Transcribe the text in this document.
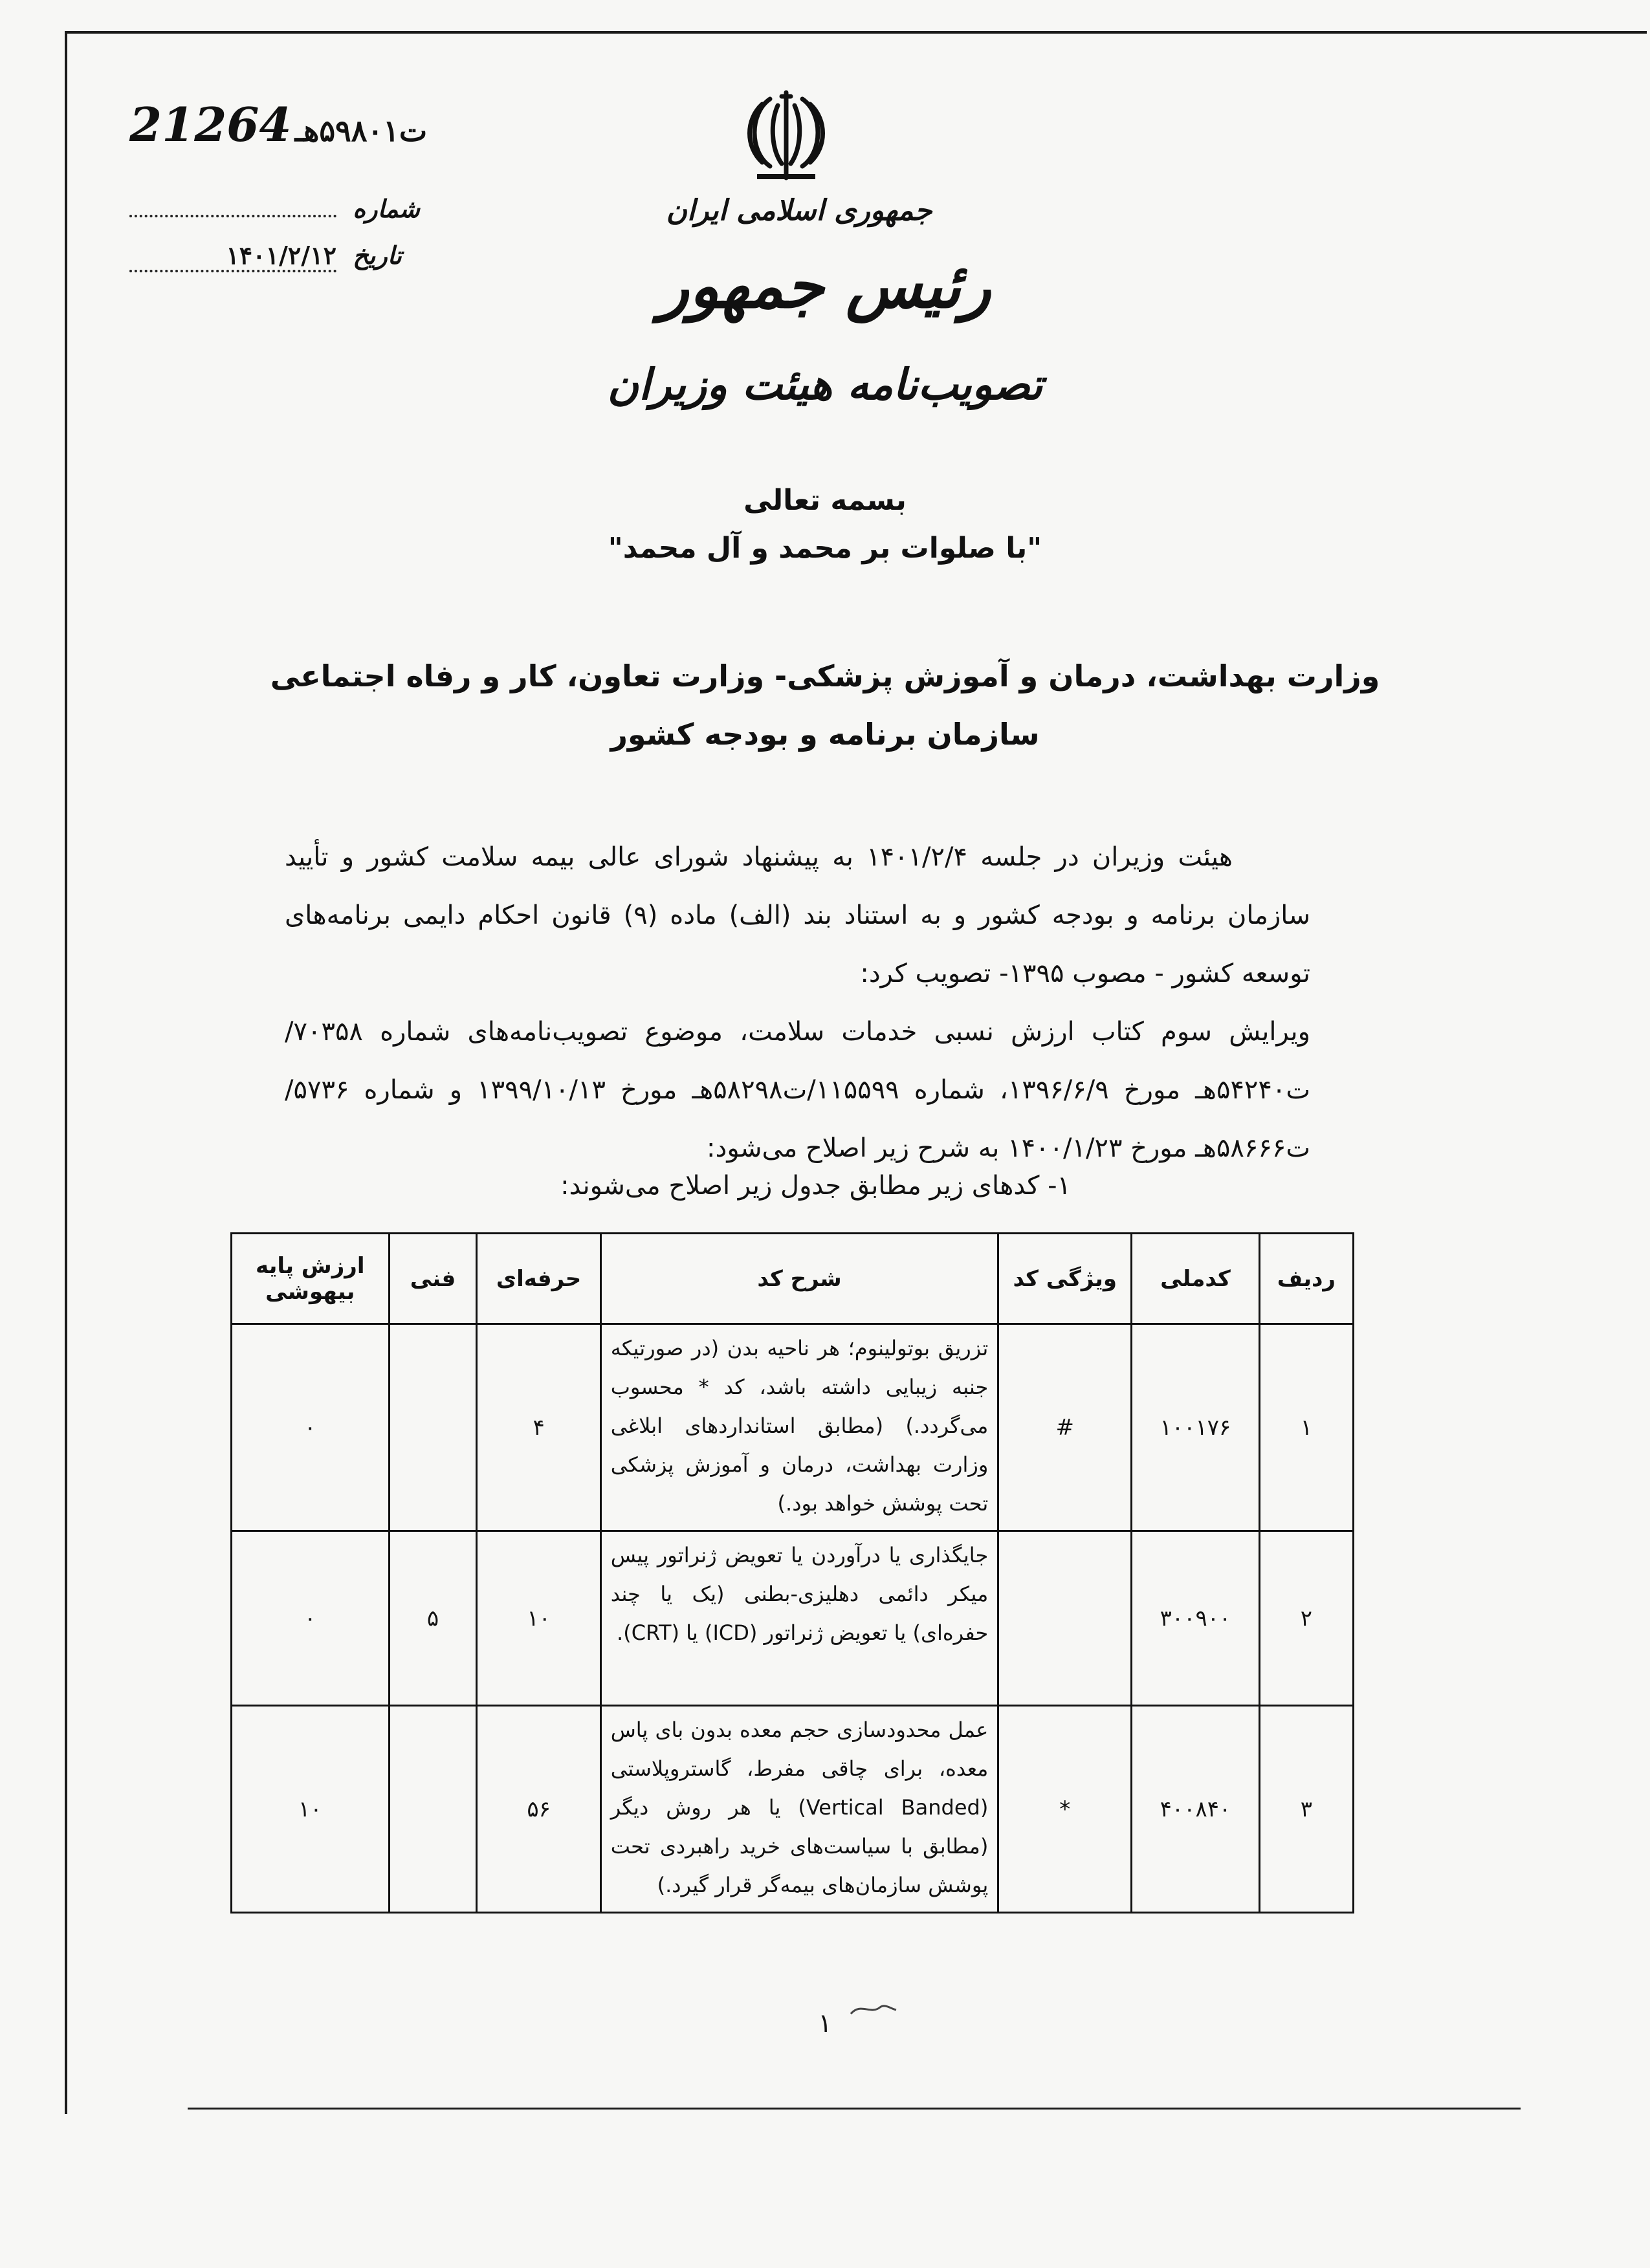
ت۵۹۸۰۱هـ 21264
شماره
تاریخ ۱۴۰۱/۲/۱۲
جمهوری اسلامی ایران
رئیس جمهور
تصویب‌نامه هیئت وزیران
بسمه تعالی
"با صلوات بر محمد و آل محمد"
وزارت بهداشت، درمان و آموزش پزشکی- وزارت تعاون، کار و رفاه اجتماعی
سازمان برنامه و بودجه کشور
هیئت وزیران در جلسه ۱۴۰۱/۲/۴ به پیشنهاد شورای عالی بیمه سلامت کشور و تأیید سازمان برنامه و بودجه کشور و به استناد بند (الف) ماده (۹) قانون احکام دایمی برنامه‌های توسعه کشور - مصوب ۱۳۹۵- تصویب کرد:
ویرایش سوم کتاب ارزش نسبی خدمات سلامت، موضوع تصویب‌نامه‌های شماره ۷۰۳۵۸/ت۵۴۲۴۰هـ مورخ ۱۳۹۶/۶/۹، شماره ۱۱۵۵۹۹/ت۵۸۲۹۸هـ مورخ ۱۳۹۹/۱۰/۱۳ و شماره ۵۷۳۶/ت۵۸۶۶۶هـ مورخ ۱۴۰۰/۱/۲۳ به شرح زیر اصلاح می‌شود:
۱- کدهای زیر مطابق جدول زیر اصلاح می‌شوند:
ردیف	کدملی	ویژگی کد	شرح کد	حرفه‌ای	فنی	ارزش پایه بیهوشی
۱	۱۰۰۱۷۶	#	تزریق بوتولینوم؛ هر ناحیه بدن (در صورتیکه جنبه زیبایی داشته باشد، کد * محسوب می‌گردد.) (مطابق استانداردهای ابلاغی وزارت بهداشت، درمان و آموزش پزشکی تحت پوشش خواهد بود.)	۴		۰
۲	۳۰۰۹۰۰		جایگذاری یا درآوردن یا تعویض ژنراتور پیس میکر دائمی دهلیزی-بطنی (یک یا چند حفره‌ای) یا تعویض ژنراتور (ICD) یا (CRT).	۱۰	۵	۰
۳	۴۰۰۸۴۰	*	عمل محدودسازی حجم معده بدون بای پاس معده، برای چاقی مفرط، گاستروپلاستی (Vertical Banded) یا هر روش دیگر (مطابق با سیاست‌های خرید راهبردی تحت پوشش سازمان‌های بیمه‌گر قرار گیرد.)	۵۶		۱۰
۱
